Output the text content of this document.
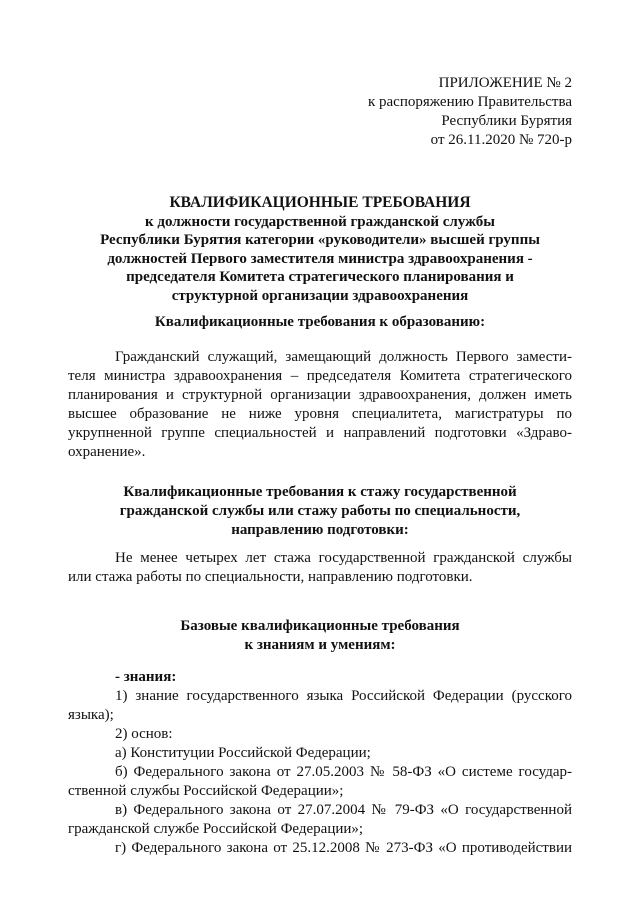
ПРИЛОЖЕНИЕ № 2
к распоряжению Правительства
Республики Бурятия
от 26.11.2020 № 720-р
КВАЛИФИКАЦИОННЫЕ ТРЕБОВАНИЯ
к должности государственной гражданской службы
Республики Бурятия категории «руководители» высшей группы
должностей Первого заместителя министра здравоохранения -
председателя Комитета стратегического планирования и
структурной организации здравоохранения
Квалификационные требования к образованию:
Гражданский служащий, замещающий должность Первого замести-
теля министра здравоохранения – председателя Комитета стратегического
планирования и структурной организации здравоохранения, должен иметь
высшее образование не ниже уровня специалитета, магистратуры по
укрупненной группе специальностей и направлений подготовки «Здраво-
охранение».
Квалификационные требования к стажу государственной
гражданской службы или стажу работы по специальности,
направлению подготовки:
Не менее четырех лет стажа государственной гражданской службы
или стажа работы по специальности, направлению подготовки.
Базовые квалификационные требования
к знаниям и умениям:
- знания:
1) знание государственного языка Российской Федерации (русского
языка);
2) основ:
а) Конституции Российской Федерации;
б) Федерального закона от 27.05.2003 № 58-ФЗ «О системе государ-
ственной службы Российской Федерации»;
в) Федерального закона от 27.07.2004 № 79-ФЗ «О государственной
гражданской службе Российской Федерации»;
г) Федерального закона от 25.12.2008 № 273-ФЗ «О противодействии
